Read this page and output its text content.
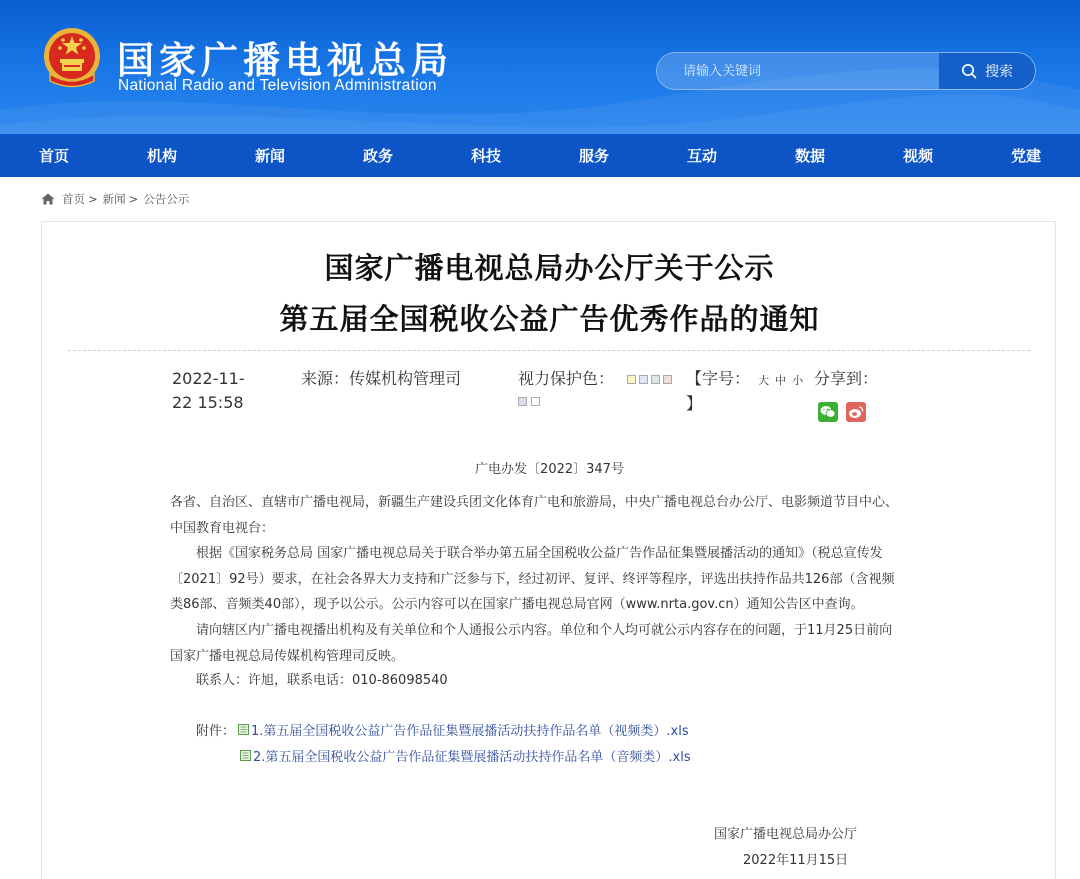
国家广播电视总局
National Radio and Television Administration
请输入关键词
搜索
首页	机构	新闻	政务	科技	服务	互动	数据	视频	党建
首页 > 新闻 > 公告公示
国家广播电视总局办公厅关于公示
第五届全国税收公益广告优秀作品的通知
2022-11-22 15:58
来源：传媒机构管理司	视力保护色：	【字号： 大 中 小
】
分享到：
广电办发〔2022〕347号
各省、自治区、直辖市广播电视局，新疆生产建设兵团文化体育广电和旅游局，中央广播电视总台办公厅、电影频道节目中心、中国教育电视台：
根据《国家税务总局 国家广播电视总局关于联合举办第五届全国税收公益广告作品征集暨展播活动的通知》（税总宣传发〔2021〕92号）要求，在社会各界大力支持和广泛参与下，经过初评、复评、终评等程序，评选出扶持作品共126部（含视频类86部、音频类40部），现予以公示。公示内容可以在国家广播电视总局官网（www.nrta.gov.cn）通知公告区中查询。
请向辖区内广播电视播出机构及有关单位和个人通报公示内容。单位和个人均可就公示内容存在的问题，于11月25日前向国家广播电视总局传媒机构管理司反映。
联系人：许旭，联系电话：010-86098540
附件： 1.第五届全国税收公益广告作品征集暨展播活动扶持作品名单（视频类）.xls
2.第五届全国税收公益广告作品征集暨展播活动扶持作品名单（音频类）.xls
国家广播电视总局办公厅
2022年11月15日
